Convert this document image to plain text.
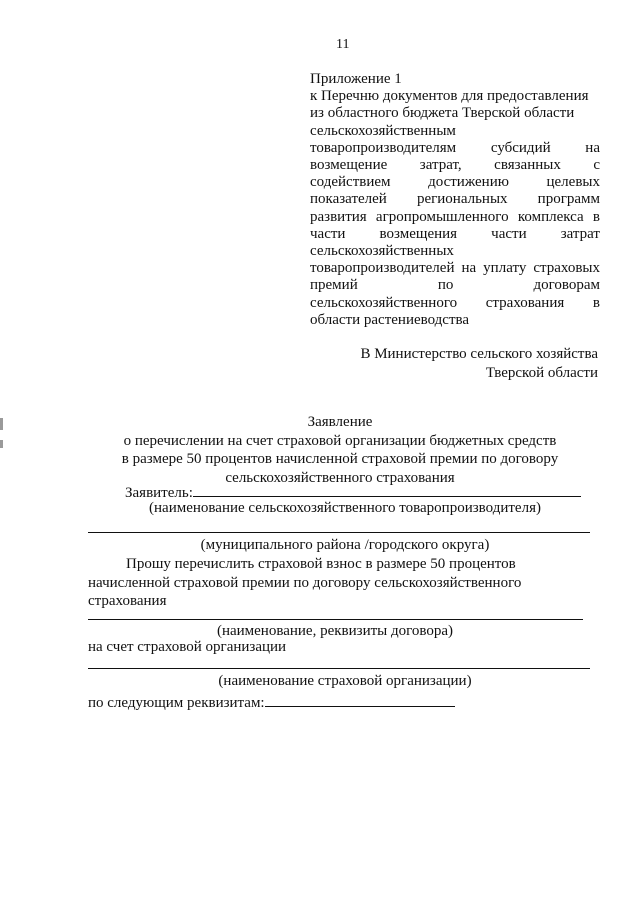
11
Приложение 1
к Перечню документов для предоставления
из областного бюджета Тверской области
сельскохозяйственным
товаропроизводителям субсидий на
возмещение затрат, связанных с
содействием достижению целевых
показателей региональных программ
развития агропромышленного комплекса в
части возмещения части затрат
сельскохозяйственных
товаропроизводителей на уплату страховых
премий по договорам
сельскохозяйственного страхования в
области растениеводства
В Министерство сельского хозяйства
Тверской области
Заявление
о перечислении на счет страховой организации бюджетных средств
в размере 50 процентов начисленной страховой премии по договору
сельскохозяйственного страхования
Заявитель:
(наименование сельскохозяйственного товаропроизводителя)
(муниципального района /городского округа)
Прошу перечислить страховой взнос в размере 50 процентов
начисленной страховой премии по договору сельскохозяйственного
страхования
(наименование, реквизиты договора)
на счет страховой организации
(наименование страховой организации)
по следующим реквизитам:
